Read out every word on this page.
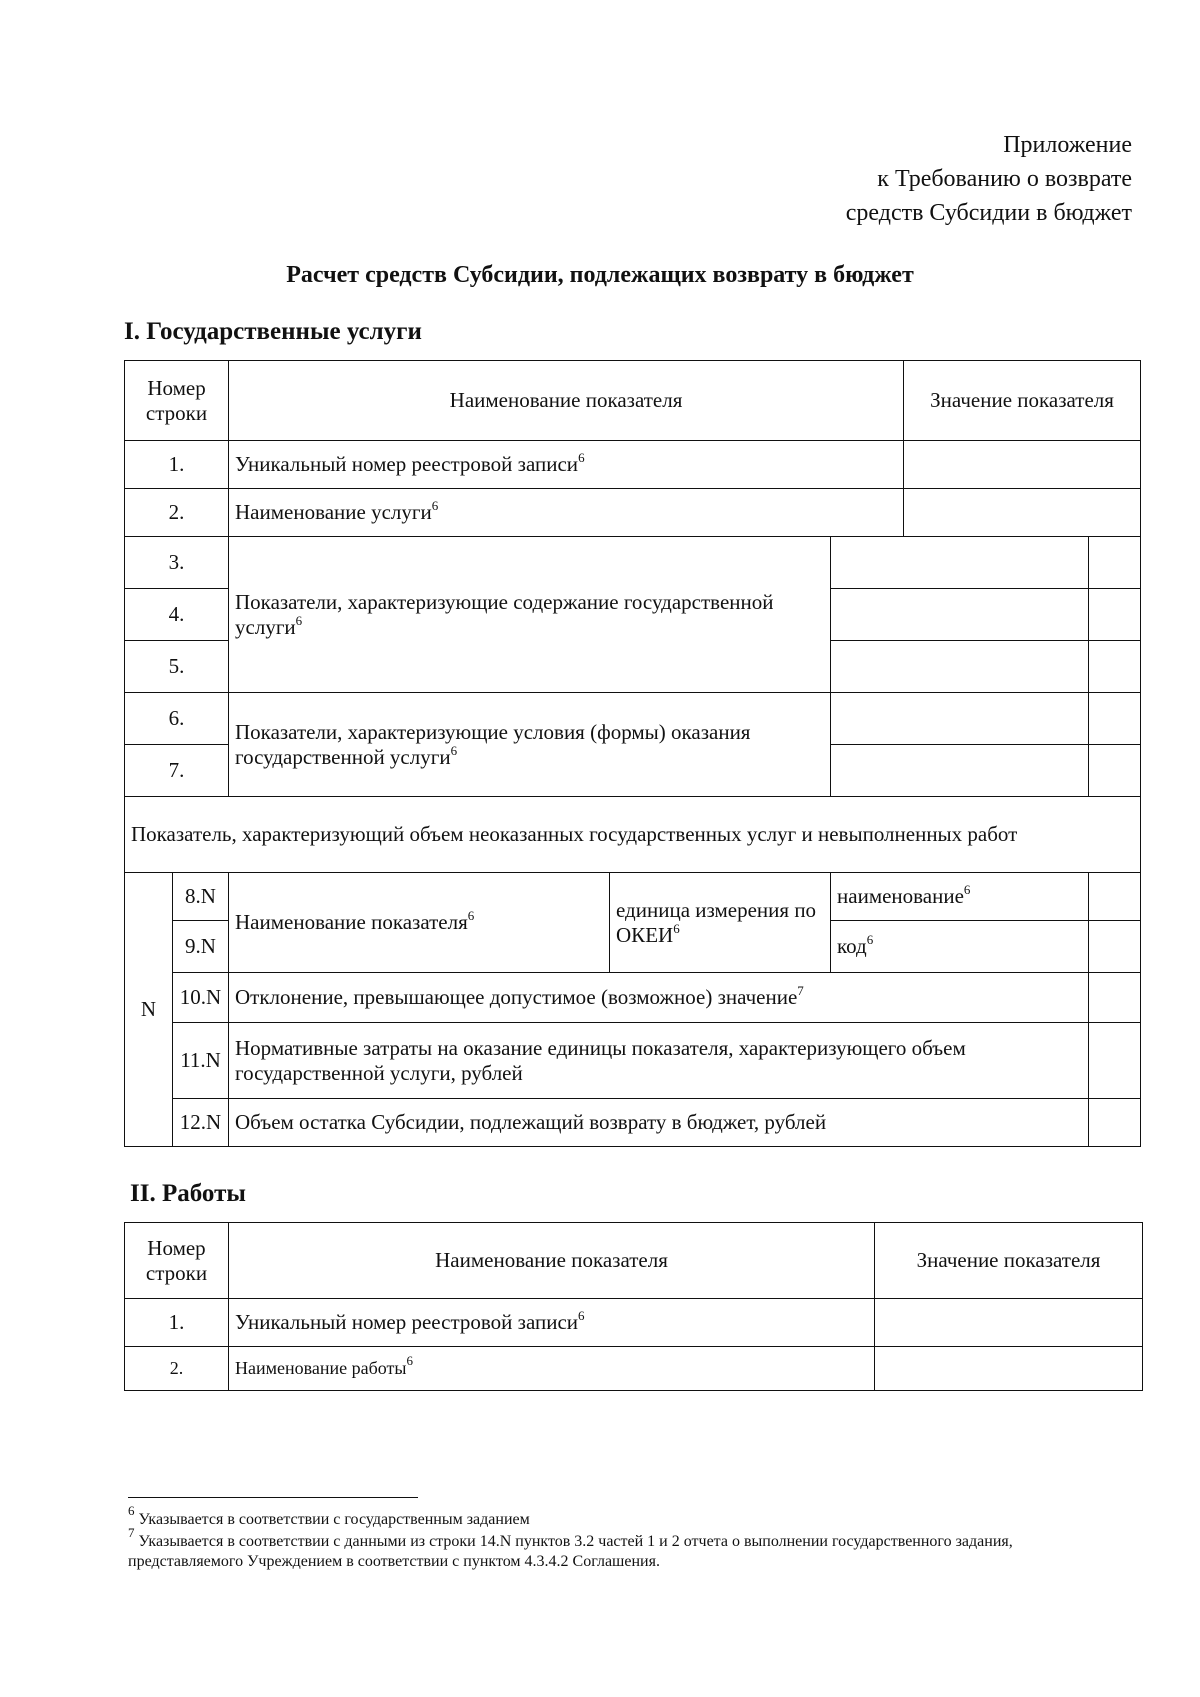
Приложение
к Требованию о возврате
средств Субсидии в бюджет
Расчет средств Субсидии, подлежащих возврату в бюджет
I. Государственные услуги
Номер строки		Наименование показателя			Значение показателя	
1.		Уникальный номер реестровой записи$^6$	
2.		Наименование услуги$^6$	
3.		Показатели, характеризующие содержание государственной услуги$^6$		
4.						
5.						
6.		Показатели, характеризующие условия (формы) оказания государственной услуги$^6$		
7.						
Показатель, характеризующий объем неоказанных государственных услуг и невыполненных работ						
N	8.N	Наименование показателя$^6$	единица измерения по ОКЕИ$^6$	наименование$^6$	
	9.N			код$^6$	
	10.N	Отклонение, превышающее допустимое (возможное) значение$^7$	
	11.N	Нормативные затраты на оказание единицы показателя, характеризующего объем государственной услуги, рублей				
	12.N	Объем остатка Субсидии, подлежащий возврату в бюджет, рублей				
II. Работы
Номер строки	Наименование показателя	Значение показателя
1.	Уникальный номер реестровой записи$^6$	
2.	Наименование работы$^6$	
$^6$ Указывается в соответствии с государственным заданием
$^7$ Указывается в соответствии с данными из строки 14.N пунктов 3.2 частей 1 и 2 отчета о выполнении государственного задания, представляемого Учреждением в соответствии с пунктом 4.3.4.2 Соглашения.
